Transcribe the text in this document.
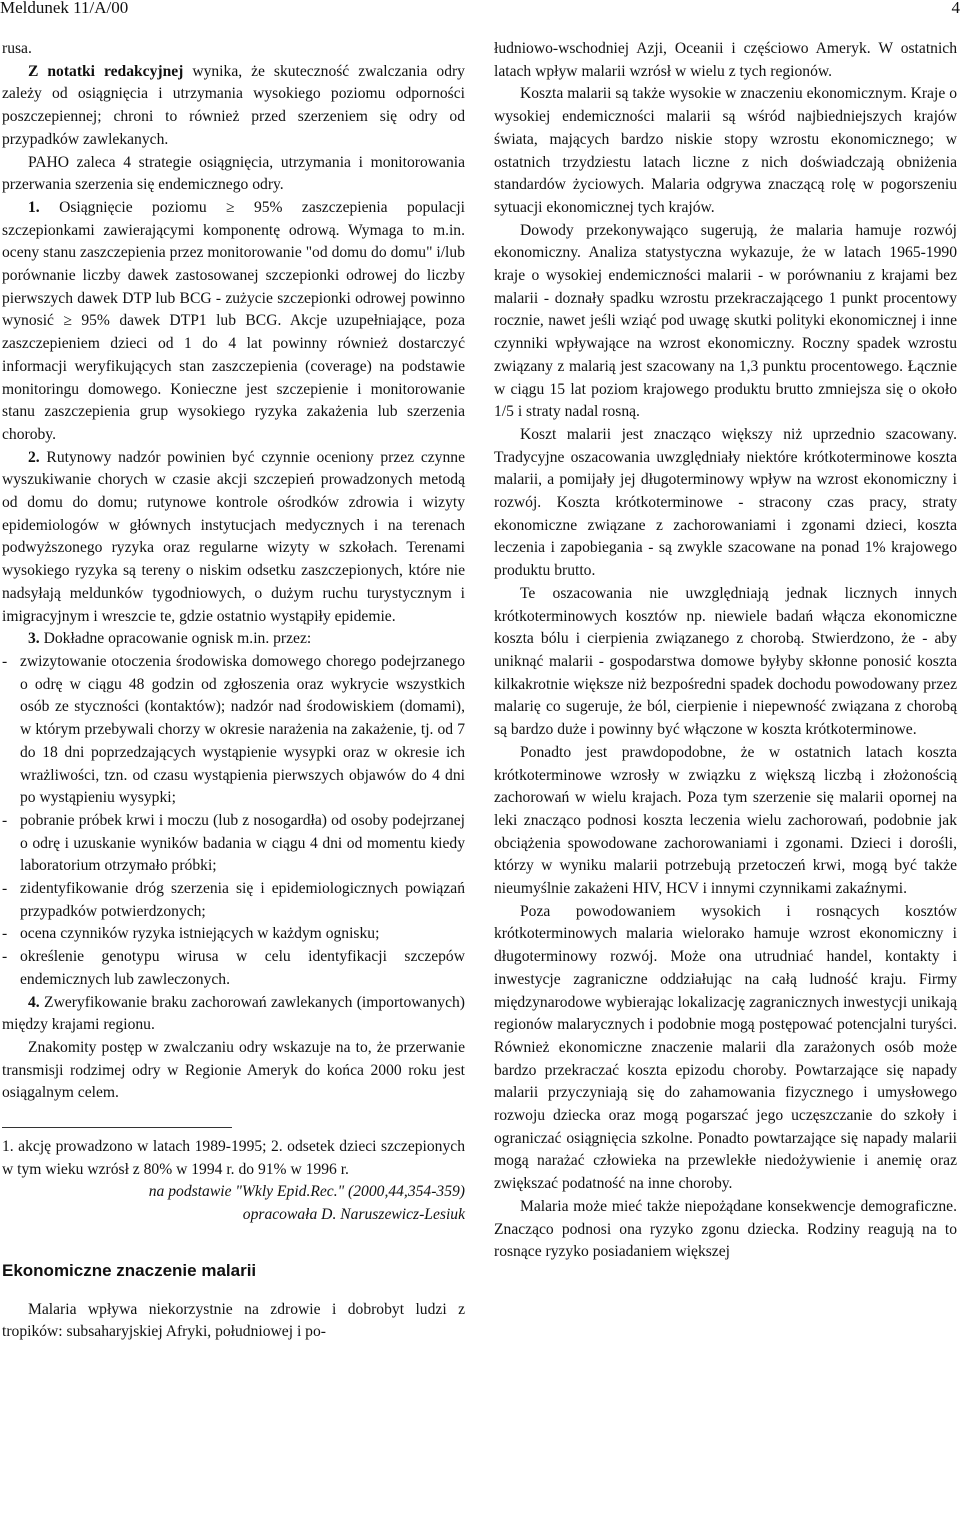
Meldunek 11/A/00	4

rusa.

Z notatki redakcyjnej wynika, że skuteczność zwalczania odry zależy od osiągnięcia i utrzymania wysokiego poziomu odporności poszczepiennej; chroni to również przed szerzeniem się odry od przypadków zawlekanych.

PAHO zaleca 4 strategie osiągnięcia, utrzymania i monitorowania przerwania szerzenia się endemicznego odry.

1. Osiągnięcie poziomu ≥ 95% zaszczepienia populacji szczepionkami zawierającymi komponentę odrową. Wymaga to m.in. oceny stanu zaszczepienia przez monitorowanie "od domu do domu" i/lub porównanie liczby dawek zastosowanej szczepionki odrowej do liczby pierwszych dawek DTP lub BCG - zużycie szczepionki odrowej powinno wynosić ≥ 95% dawek DTP1 lub BCG. Akcje uzupełniające, poza zaszczepieniem dzieci od 1 do 4 lat powinny również dostarczyć informacji weryfikujących stan zaszczepienia (coverage) na podstawie monitoringu domowego. Konieczne jest szczepienie i monitorowanie stanu zaszczepienia grup wysokiego ryzyka zakażenia lub szerzenia choroby.

2. Rutynowy nadzór powinien być czynnie oceniony przez czynne wyszukiwanie chorych w czasie akcji szczepień prowadzonych metodą od domu do domu; rutynowe kontrole ośrodków zdrowia i wizyty epidemiologów w głównych instytucjach medycznych i na terenach podwyższonego ryzyka oraz regularne wizyty w szkołach. Terenami wysokiego ryzyka są tereny o niskim odsetku zaszczepionych, które nie nadsyłają meldunków tygodniowych, o dużym ruchu turystycznym i imigracyjnym i wreszcie te, gdzie ostatnio wystąpiły epidemie.

3. Dokładne opracowanie ognisk m.in. przez:

- zwizytowanie otoczenia środowiska domowego chorego podejrzanego o odrę w ciągu 48 godzin od zgłoszenia oraz wykrycie wszystkich osób ze styczności (kontaktów); nadzór nad środowiskiem (domami), w którym przebywali chorzy w okresie narażenia na zakażenie, tj. od 7 do 18 dni poprzedzających wystąpienie wysypki oraz w okresie ich wrażliwości, tzn. od czasu wystąpienia pierwszych objawów do 4 dni po wystąpieniu wysypki;
- pobranie próbek krwi i moczu (lub z nosogardła) od osoby podejrzanej o odrę i uzuskanie wyników badania w ciągu 4 dni od momentu kiedy laboratorium otrzymało próbki;
- zidentyfikowanie dróg szerzenia się i epidemiologicznych powiązań przypadków potwierdzonych;
- ocena czynników ryzyka istniejących w każdym ognisku;
- określenie genotypu wirusa w celu identyfikacji szczepów endemicznych lub zawleczonych.

4. Zweryfikowanie braku zachorowań zawlekanych (importowanych) między krajami regionu.

Znakomity postęp w zwalczaniu odry wskazuje na to, że przerwanie transmisji rodzimej odry w Regionie Ameryk do końca 2000 roku jest osiągalnym celem.

1. akcję prowadzono w latach 1989-1995; 2. odsetek dzieci szczepionych w tym wieku wzrósł z 80% w 1994 r. do 91% w 1996 r.
na podstawie "Wkly Epid.Rec." (2000,44,354-359)
opracowała D. Naruszewicz-Lesiuk
Ekonomiczne znaczenie malarii

Malaria wpływa niekorzystnie na zdrowie i dobrobyt ludzi z tropików: subsaharyjskiej Afryki, południowej i po-

łudniowo-wschodniej Azji, Oceanii i częściowo Ameryk. W ostatnich latach wpływ malarii wzrósł w wielu z tych regionów.

Koszta malarii są także wysokie w znaczeniu ekonomicznym. Kraje o wysokiej endemiczności malarii są wśród najbiedniejszych krajów świata, mających bardzo niskie stopy wzrostu ekonomicznego; w ostatnich trzydziestu latach liczne z nich doświadczają obniżenia standardów życiowych. Malaria odgrywa znaczącą rolę w pogorszeniu sytuacji ekonomicznej tych krajów.

Dowody przekonywająco sugerują, że malaria hamuje rozwój ekonomiczny. Analiza statystyczna wykazuje, że w latach 1965-1990 kraje o wysokiej endemiczności malarii - w porównaniu z krajami bez malarii - doznały spadku wzrostu przekraczającego 1 punkt procentowy rocznie, nawet jeśli wziąć pod uwagę skutki polityki ekonomicznej i inne czynniki wpływające na wzrost ekonomiczny. Roczny spadek wzrostu związany z malarią jest szacowany na 1,3 punktu procentowego. Łącznie w ciągu 15 lat poziom krajowego produktu brutto zmniejsza się o około 1/5 i straty nadal rosną.

Koszt malarii jest znacząco większy niż uprzednio szacowany. Tradycyjne oszacowania uwzględniały niektóre krótkoterminowe koszta malarii, a pomijały jej długoterminowy wpływ na wzrost ekonomiczny i rozwój. Koszta krótkoterminowe - stracony czas pracy, straty ekonomiczne związane z zachorowaniami i zgonami dzieci, koszta leczenia i zapobiegania - są zwykle szacowane na ponad 1% krajowego produktu brutto.

Te oszacowania nie uwzględniają jednak licznych innych krótkoterminowych kosztów np. niewiele badań włącza ekonomiczne koszta bólu i cierpienia związanego z chorobą. Stwierdzono, że - aby uniknąć malarii - gospodarstwa domowe byłyby skłonne ponosić koszta kilkakrotnie większe niż bezpośredni spadek dochodu powodowany przez malarię co sugeruje, że ból, cierpienie i niepewność związana z chorobą są bardzo duże i powinny być włączone w koszta krótkoterminowe.

Ponadto jest prawdopodobne, że w ostatnich latach koszta krótkoterminowe wzrosły w związku z większą liczbą i złożonością zachorowań w wielu krajach. Poza tym szerzenie się malarii opornej na leki znacząco podnosi koszta leczenia wielu zachorowań, podobnie jak obciążenia spowodowane zachorowaniami i zgonami. Dzieci i dorośli, którzy w wyniku malarii potrzebują przetoczeń krwi, mogą być także nieumyślnie zakażeni HIV, HCV i innymi czynnikami zakaźnymi.

Poza powodowaniem wysokich i rosnących kosztów krótkoterminowych malaria wielorako hamuje wzrost ekonomiczny i długoterminowy rozwój. Może ona utrudniać handel, kontakty i inwestycje zagraniczne oddziałując na całą ludność kraju. Firmy międzynarodowe wybierając lokalizację zagranicznych inwestycji unikają regionów malarycznych i podobnie mogą postępować potencjalni turyści. Również ekonomiczne znaczenie malarii dla zarażonych osób może bardzo przekraczać koszta epizodu choroby. Powtarzające się napady malarii przyczyniają się do zahamowania fizycznego i umysłowego rozwoju dziecka oraz mogą pogarszać jego uczęszczanie do szkoły i ograniczać osiągnięcia szkolne. Ponadto powtarzające się napady malarii mogą narażać człowieka na przewlekłe niedożywienie i anemię oraz zwiększać podatność na inne choroby.

Malaria może mieć także niepożądane konsekwencje demograficzne. Znacząco podnosi ona ryzyko zgonu dziecka. Rodziny reagują na to rosnące ryzyko posiadaniem większej
